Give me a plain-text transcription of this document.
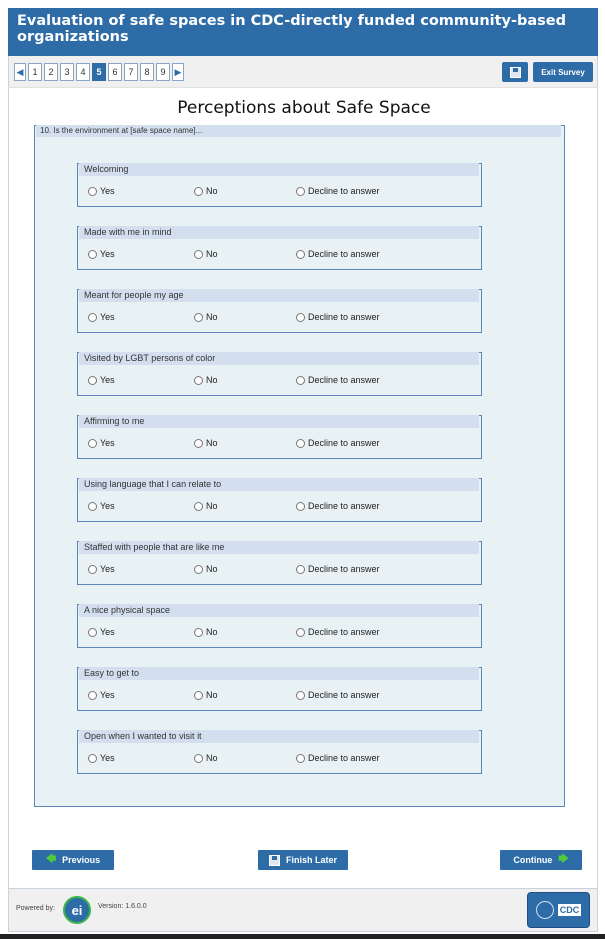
Evaluation of safe spaces in CDC-directly funded community-based organizations
◀	1	2	3	4	5	6	7	8	9	▶	Exit Survey
Perceptions about Safe Space
10. Is the environment at [safe space name]...
Welcoming
Yes	No	Decline to answer
Made with me in mind
Yes	No	Decline to answer
Meant for people my age
Yes	No	Decline to answer
Visited by LGBT persons of color
Yes	No	Decline to answer
Affirming to me
Yes	No	Decline to answer
Using language that I can relate to
Yes	No	Decline to answer
Staffed with people that are like me
Yes	No	Decline to answer
A nice physical space
Yes	No	Decline to answer
Easy to get to
Yes	No	Decline to answer
Open when I wanted to visit it
Yes	No	Decline to answer
🡄 Previous	Finish Later	Continue 🡆
Powered by:	ei	Version: 1.6.0.0	CDC
